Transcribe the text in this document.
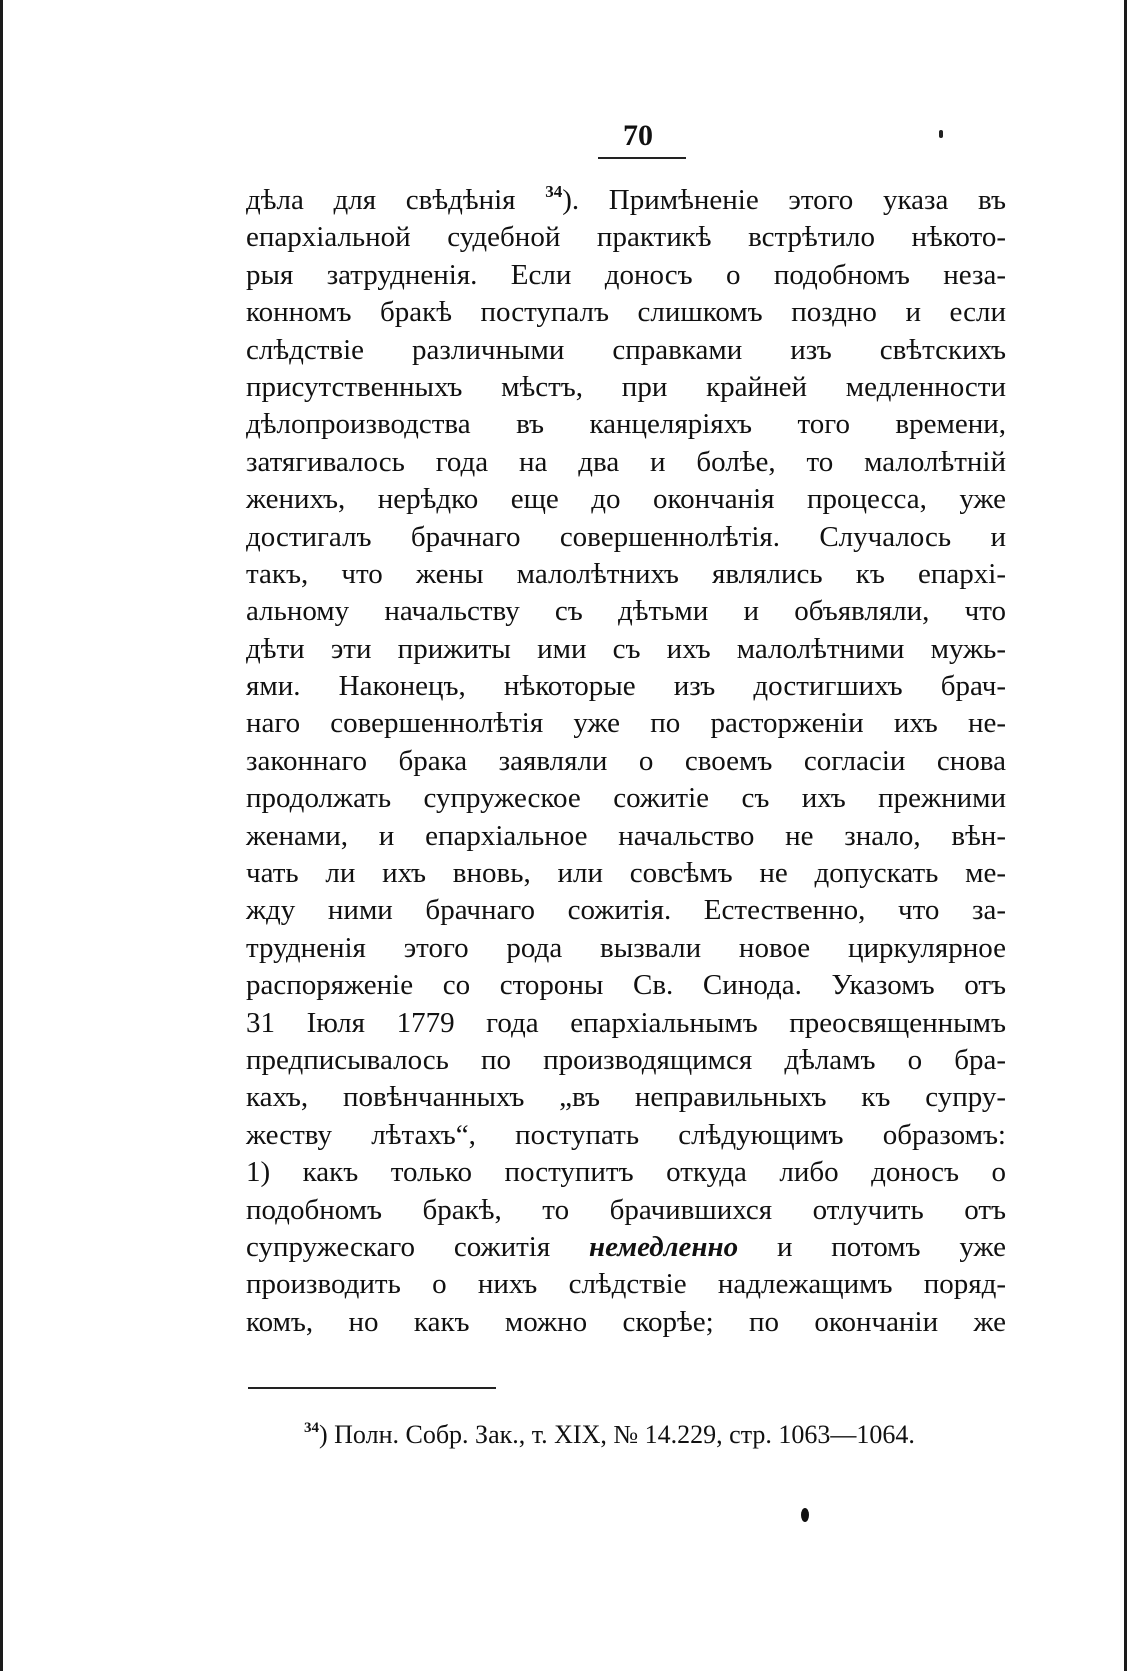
70
дѣла для свѣдѣнія $^{34}$). Примѣненіе этого указа въ
епархіальной судебной практикѣ встрѣтило нѣкото-
рыя затрудненія. Если доносъ о подобномъ неза-
конномъ бракѣ поступалъ слишкомъ поздно и если
слѣдствіе различными справками изъ свѣтскихъ
присутственныхъ мѣстъ, при крайней медленности
дѣлопроизводства въ канцеляріяхъ того времени,
затягивалось года на два и болѣе, то малолѣтній
женихъ, нерѣдко еще до окончанія процесса, уже
достигалъ брачнаго совершеннолѣтія. Случалось и
такъ, что жены малолѣтнихъ являлись къ епархі-
альному начальству съ дѣтьми и объявляли, что
дѣти эти прижиты ими съ ихъ малолѣтними мужь-
ями. Наконецъ, нѣкоторые изъ достигшихъ брач-
наго совершеннолѣтія уже по расторженіи ихъ не-
законнаго брака заявляли о своемъ согласіи снова
продолжать супружеское сожитіе съ ихъ прежними
женами, и епархіальное начальство не знало, вѣн-
чать ли ихъ вновь, или совсѣмъ не допускать ме-
жду ними брачнаго сожитія. Естественно, что за-
трудненія этого рода вызвали новое циркулярное
распоряженіе со стороны Св. Синода. Указомъ отъ
31 Іюля 1779 года епархіальнымъ преосвященнымъ
предписывалось по производящимся дѣламъ о бра-
кахъ, повѣнчанныхъ „въ неправильныхъ къ супру-
жеству лѣтахъ“, поступать слѣдующимъ образомъ:
1) какъ только поступитъ откуда либо доносъ о
подобномъ бракѣ, то брачившихся отлучить отъ
супружескаго сожитія немедленно и потомъ уже
производить о нихъ слѣдствіе надлежащимъ поряд-
комъ, но какъ можно скорѣе; по окончаніи же
$^{34}$) Полн. Собр. Зак., т. XIX, № 14.229, стр. 1063—1064.
